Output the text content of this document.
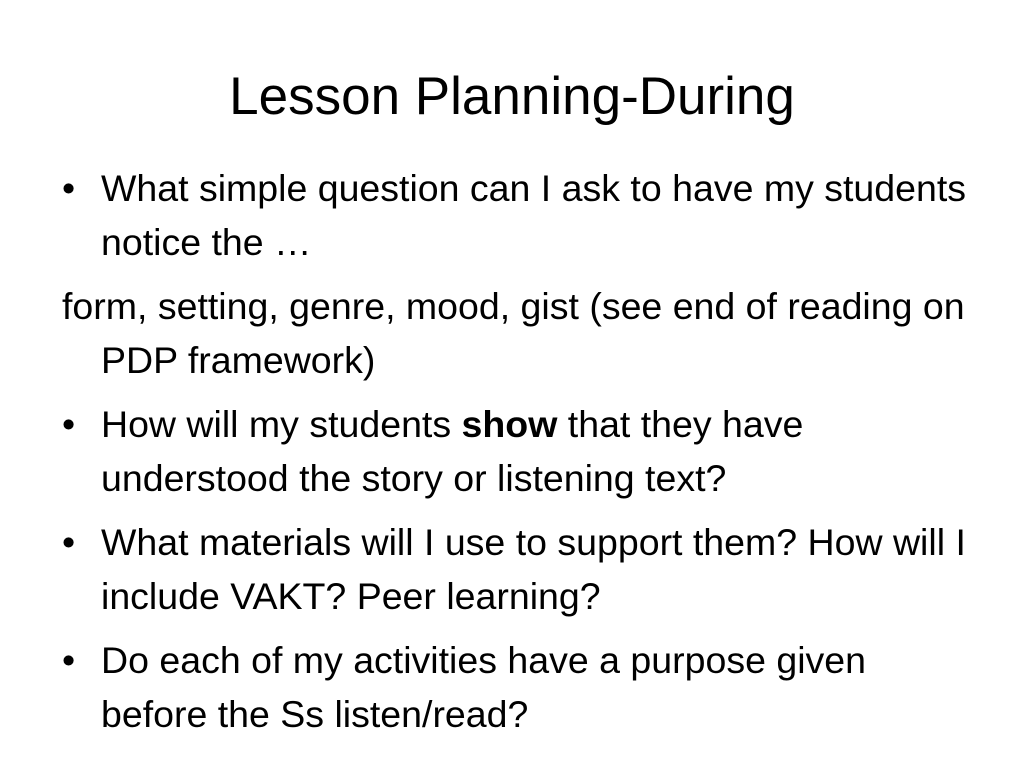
Lesson Planning-During

• What simple question can I ask to have my students notice the …

form, setting, genre, mood, gist (see end of reading on PDP framework)

• How will my students show that they have understood the story or listening text?

• What materials will I use to support them? How will I include VAKT? Peer learning?

• Do each of my activities have a purpose given before the Ss listen/read?
